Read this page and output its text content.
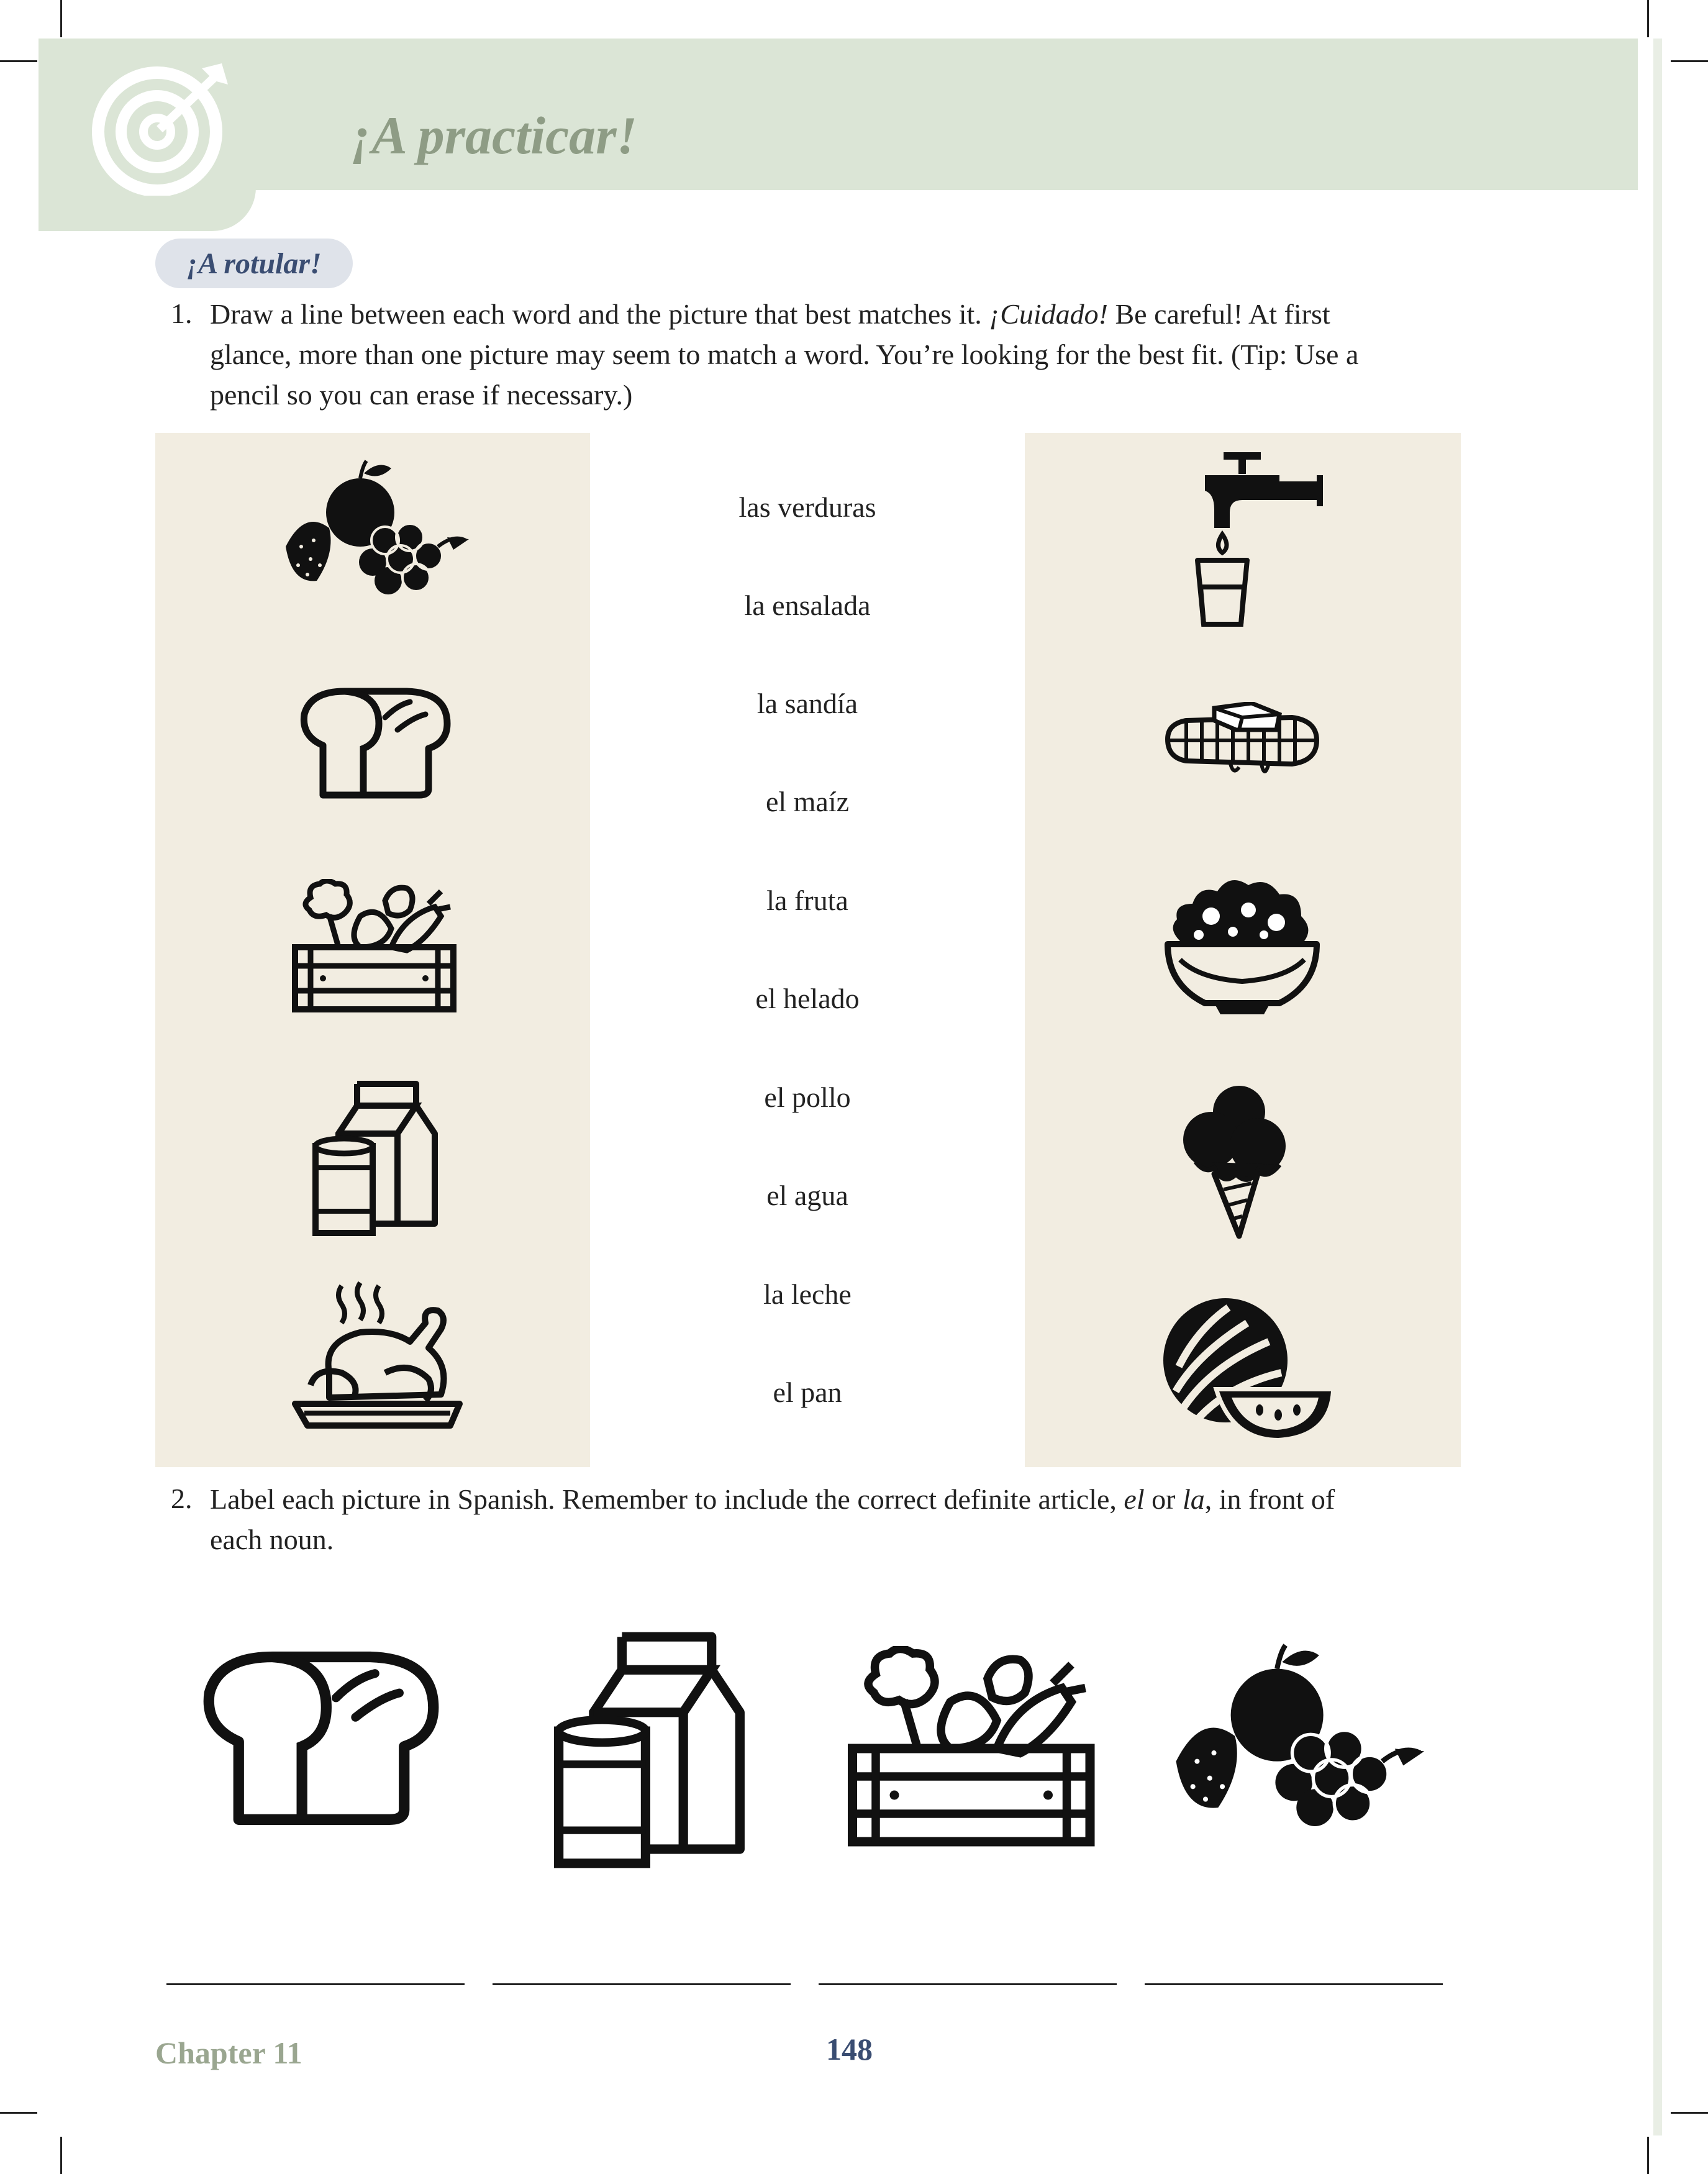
¡A practicar!
¡A rotular!
1. Draw a line between each word and the picture that best matches it. ¡Cuidado! Be careful! At first
glance, more than one picture may seem to match a word. You’re looking for the best fit. (Tip: Use a
pencil so you can erase if necessary.)
las verduras
la ensalada
la sandía
el maíz
la fruta
el helado
el pollo
el agua
la leche
el pan
2. Label each picture in Spanish. Remember to include the correct definite article, el or la, in front of
each noun.
Chapter 11	148
